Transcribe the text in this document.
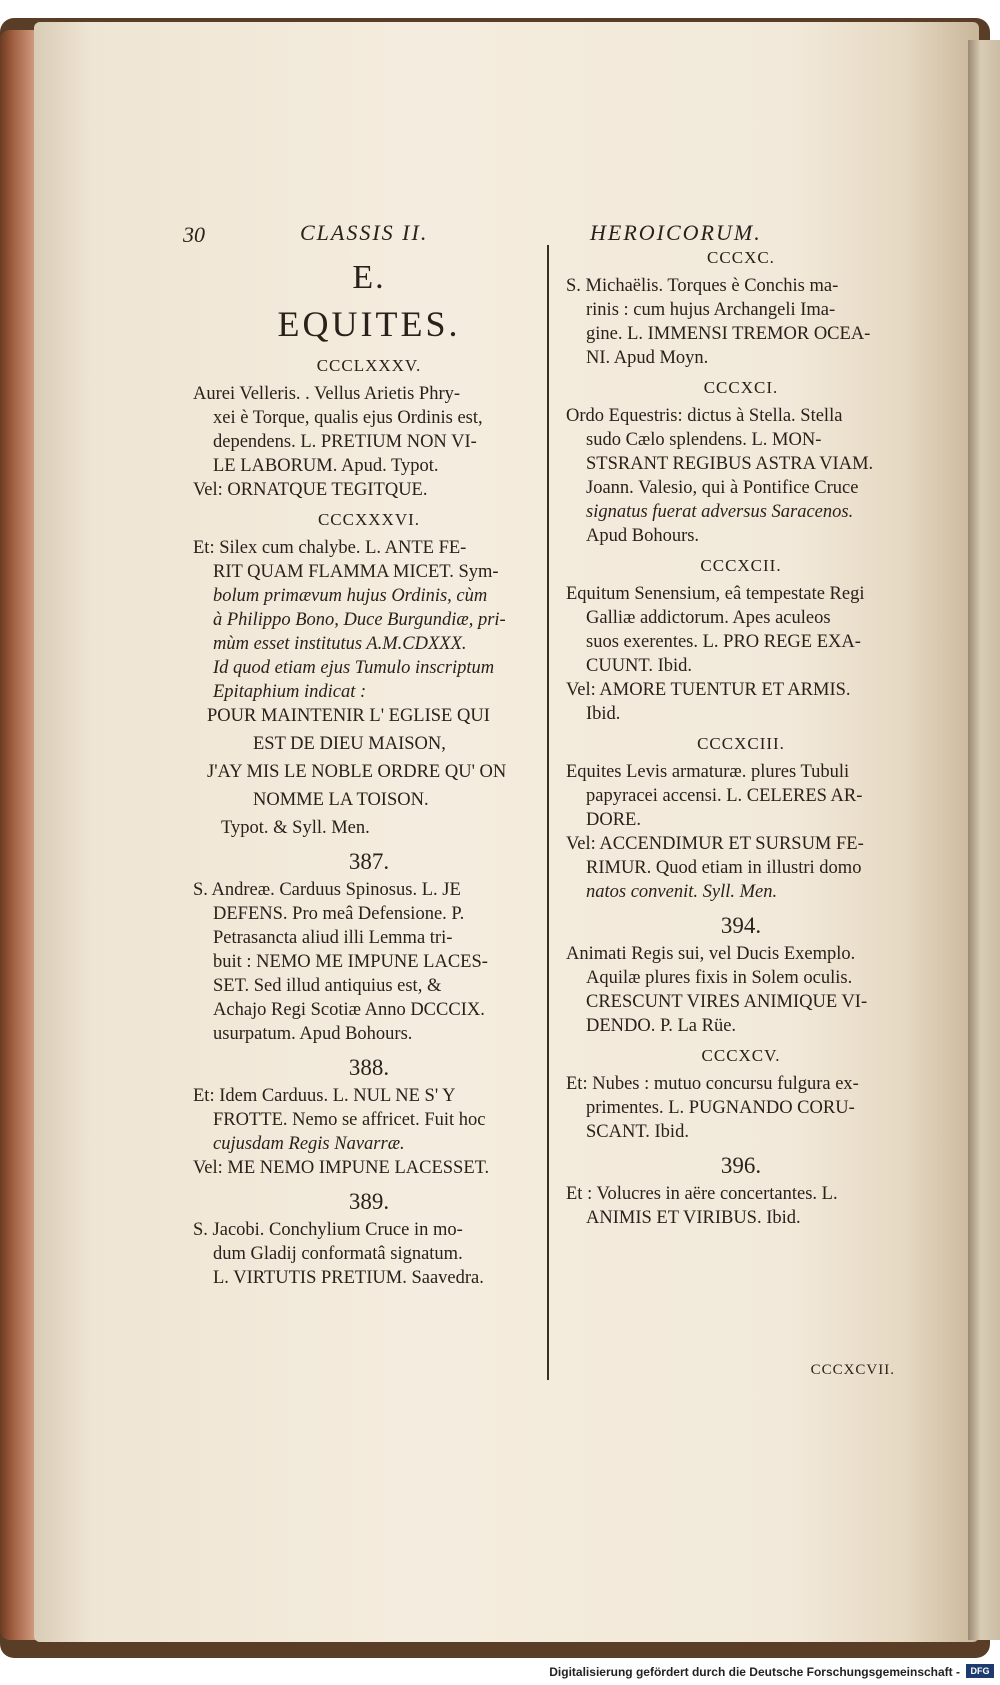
30	CLASSIS II.	HEROICORUM.
E.
EQUITES.
CCCLXXXV.
Aurei Velleris. . Vellus Arietis Phry-
xei è Torque, qualis ejus Ordinis est,
dependens. L. PRETIUM NON VI-
LE LABORUM. Apud. Typot.
Vel: ORNATQUE TEGITQUE.
CCCXXXVI.
Et: Silex cum chalybe. L. ANTE FE-
RIT QUAM FLAMMA MICET. Sym-
bolum primævum hujus Ordinis, cùm
à Philippo Bono, Duce Burgundiæ, pri-
mùm esset institutus A.M.CDXXX.
Id quod etiam ejus Tumulo inscriptum
Epitaphium indicat :
POUR MAINTENIR L' EGLISE QUI
EST DE DIEU MAISON,
J'AY MIS LE NOBLE ORDRE QU' ON
NOMME LA TOISON.
Typot. & Syll. Men.
387.
S. Andreæ. Carduus Spinosus. L. JE
DEFENS. Pro meâ Defensione. P.
Petrasancta aliud illi Lemma tri-
buit : NEMO ME IMPUNE LACES-
SET. Sed illud antiquius est, &
Achajo Regi Scotiæ Anno DCCCIX.
usurpatum. Apud Bohours.
388.
Et: Idem Carduus. L. NUL NE S' Y
FROTTE. Nemo se affricet. Fuit hoc
cujusdam Regis Navarræ.
Vel: ME NEMO IMPUNE LACESSET.
389.
S. Jacobi. Conchylium Cruce in mo-
dum Gladij conformatâ signatum.
L. VIRTUTIS PRETIUM. Saavedra.
CCCXC.
S. Michaëlis. Torques è Conchis ma-
rinis : cum hujus Archangeli Ima-
gine. L. IMMENSI TREMOR OCEA-
NI. Apud Moyn.
CCCXCI.
Ordo Equestris: dictus à Stella. Stella
sudo Cælo splendens. L. MON-
STSRANT REGIBUS ASTRA VIAM.
Joann. Valesio, qui à Pontifice Cruce
signatus fuerat adversus Saracenos.
Apud Bohours.
CCCXCII.
Equitum Senensium, eâ tempestate Regi
Galliæ addictorum. Apes aculeos
suos exerentes. L. PRO REGE EXA-
CUUNT. Ibid.
Vel: AMORE TUENTUR ET ARMIS.
Ibid.
CCCXCIII.
Equites Levis armaturæ. plures Tubuli
papyracei accensi. L. CELERES AR-
DORE.
Vel: ACCENDIMUR ET SURSUM FE-
RIMUR. Quod etiam in illustri domo
natos convenit. Syll. Men.
394.
Animati Regis sui, vel Ducis Exemplo.
Aquilæ plures fixis in Solem oculis.
CRESCUNT VIRES ANIMIQUE VI-
DENDO. P. La Rüe.
CCCXCV.
Et: Nubes : mutuo concursu fulgura ex-
primentes. L. PUGNANDO CORU-
SCANT. Ibid.
396.
Et : Volucres in aëre concertantes. L.
ANIMIS ET VIRIBUS. Ibid.
CCCXCVII.
Digitalisierung gefördert durch die Deutsche Forschungsgemeinschaft -	DFG
